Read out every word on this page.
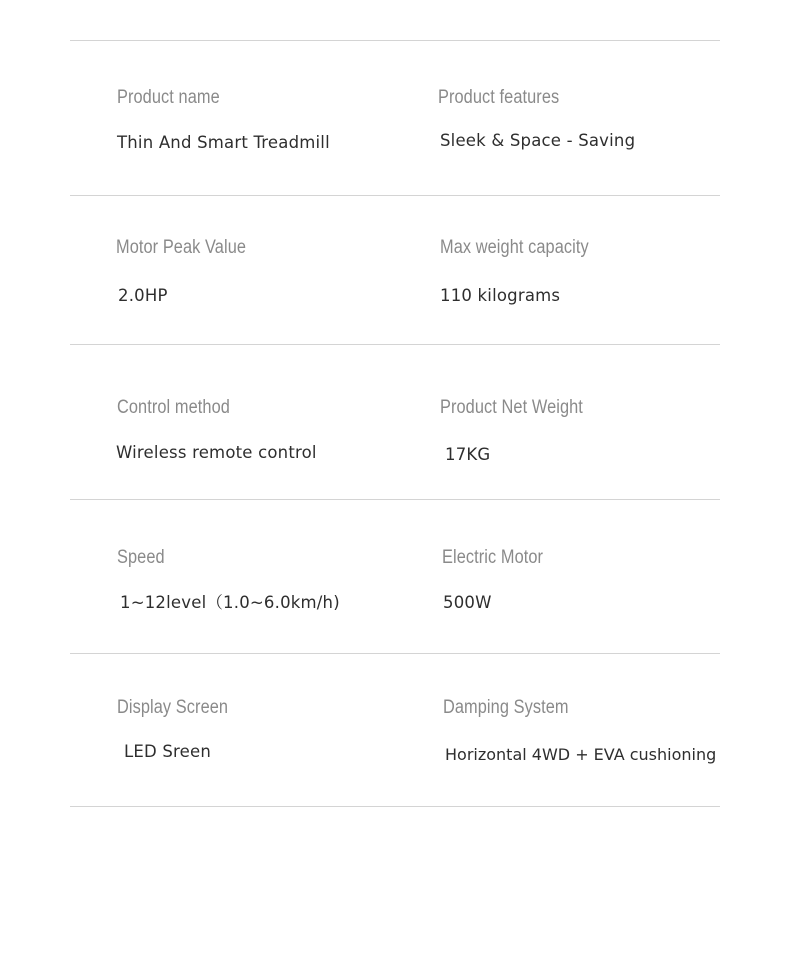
Product name
Thin And Smart Treadmill
Product features
Sleek & Space - Saving
Motor Peak Value
2.0HP
Max weight capacity
110 kilograms
Control method
Wireless remote control
Product Net Weight
17KG
Speed
1~12level（1.0~6.0km/h)
Electric Motor
500W
Display Screen
LED Sreen
Damping System
Horizontal 4WD + EVA cushioning
